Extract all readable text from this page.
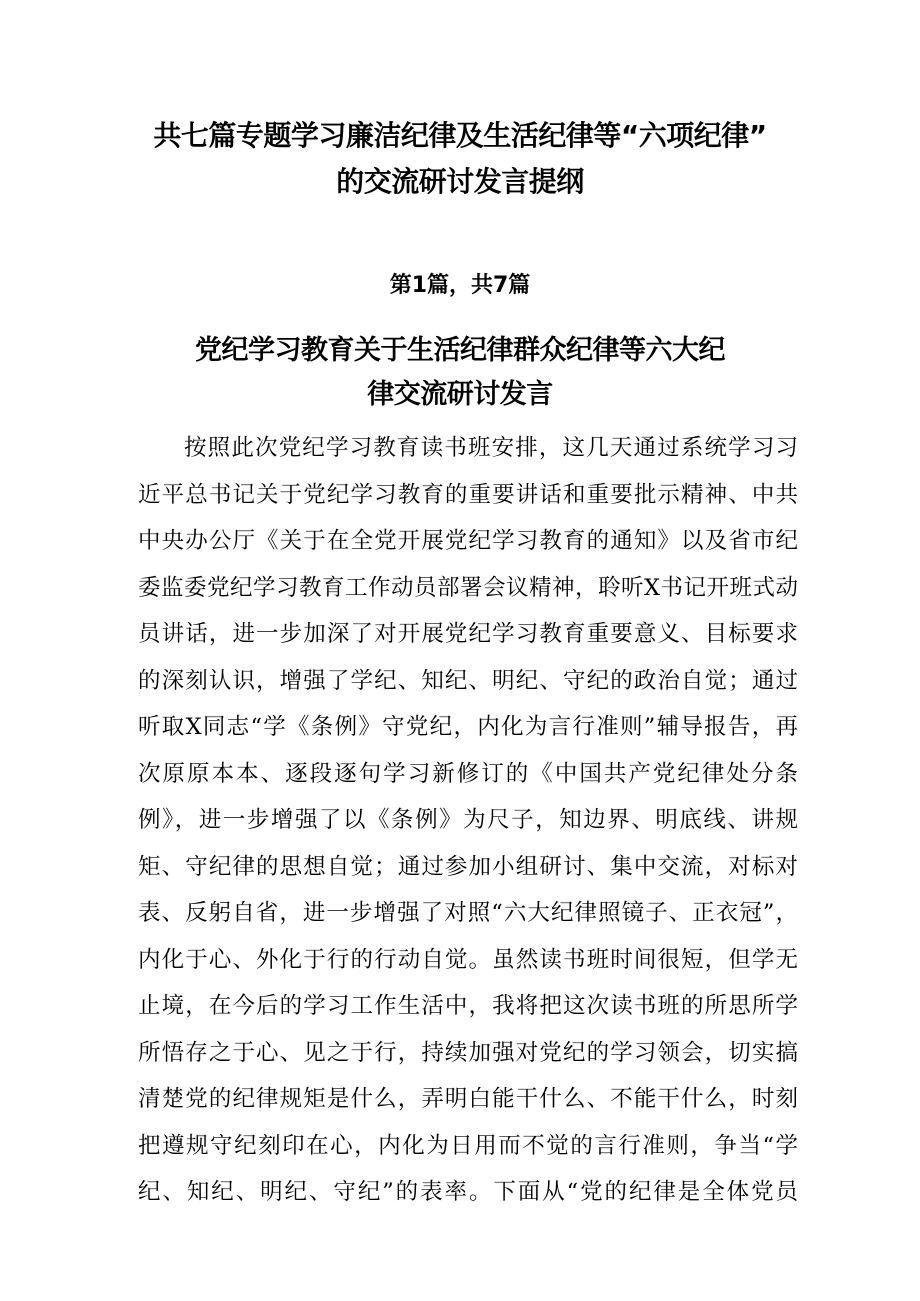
共七篇专题学习廉洁纪律及生活纪律等“六项纪律”
的交流研讨发言提纲
第1篇，共7篇
党纪学习教育关于生活纪律群众纪律等六大纪
律交流研讨发言
按照此次党纪学习教育读书班安排，这几天通过系统学习习
近平总书记关于党纪学习教育的重要讲话和重要批示精神、中共
中央办公厅《关于在全党开展党纪学习教育的通知》以及省市纪
委监委党纪学习教育工作动员部署会议精神，聆听X书记开班式动
员讲话，进一步加深了对开展党纪学习教育重要意义、目标要求
的深刻认识，增强了学纪、知纪、明纪、守纪的政治自觉；通过
听取X同志“学《条例》守党纪，内化为言行准则”辅导报告，再
次原原本本、逐段逐句学习新修订的《中国共产党纪律处分条
例》，进一步增强了以《条例》为尺子，知边界、明底线、讲规
矩、守纪律的思想自觉；通过参加小组研讨、集中交流，对标对
表、反躬自省，进一步增强了对照“六大纪律照镜子、正衣冠”，
内化于心、外化于行的行动自觉。虽然读书班时间很短，但学无
止境，在今后的学习工作生活中，我将把这次读书班的所思所学
所悟存之于心、见之于行，持续加强对党纪的学习领会，切实搞
清楚党的纪律规矩是什么，弄明白能干什么、不能干什么，时刻
把遵规守纪刻印在心，内化为日用而不觉的言行准则，争当“学
纪、知纪、明纪、守纪”的表率。下面从“党的纪律是全体党员
